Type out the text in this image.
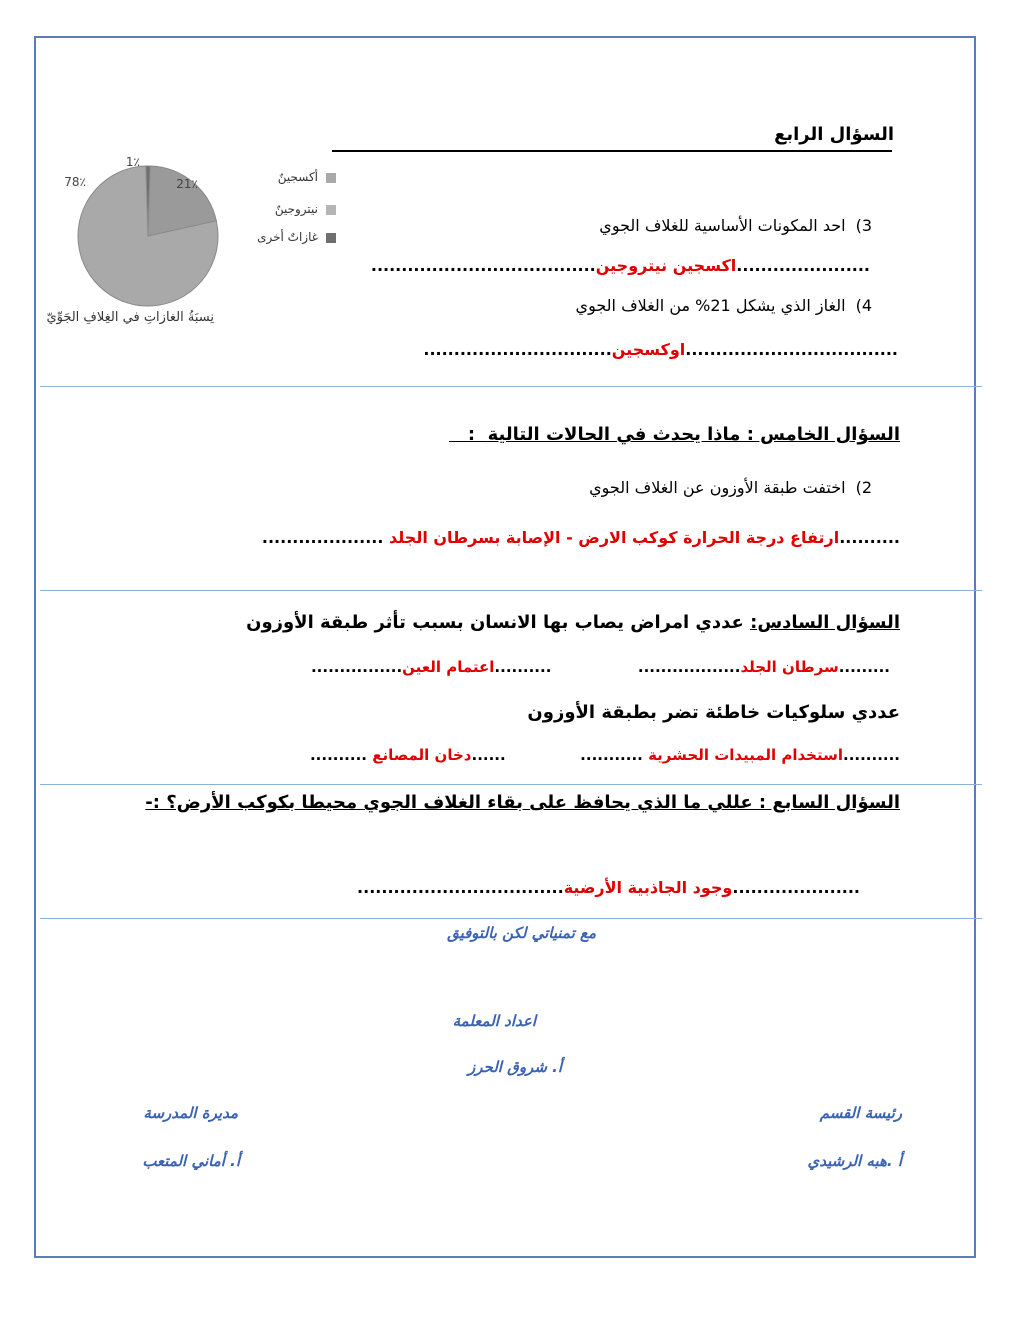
السؤال الرابع
78٪	21٪
1٪
أكسجينٌ
نيتروجينٌ
غازاتٌ أخرى
نِسبَةُ الغازاتِ في الغِلافِ الجَوِّيّ
3)احد المكونات الأساسية للغلاف الجوي
......................اكسجين نيتروجين.....................................
4)الغاز الذي يشكل 21% من الغلاف الجوي
...................................اوكسجين...............................
السؤال الخامس : ماذا يحدث في الحالات التالية  :
2)اختفت طبقة الأوزون عن الغلاف الجوي
..........ارتفاع درجة الحرارة كوكب الارض - الإصابة بسرطان الجلد ....................
السؤال السادس: عددي امراض يصاب بها الانسان بسبب تأثر طبقة الأوزون
.........سرطان الجلد..................  ..........اعتمام العين................
عددي سلوكيات خاطئة تضر بطبقة الأوزون
..........استخدام المبيدات الحشرية ...........  ......دخان المصانع ..........
السؤال السابع : عللي ما الذي يحافظ على بقاء الغلاف الجوي محيطا بكوكب الأرض؟ :-
.....................وجود الجاذبية الأرضية..................................
مع تمنياتي لكن بالتوفيق
اعداد المعلمة
أ. شروق الحرز
رئيسة القسم
مديرة المدرسة
أ .هبه الرشيدي
أ. أماني المتعب
